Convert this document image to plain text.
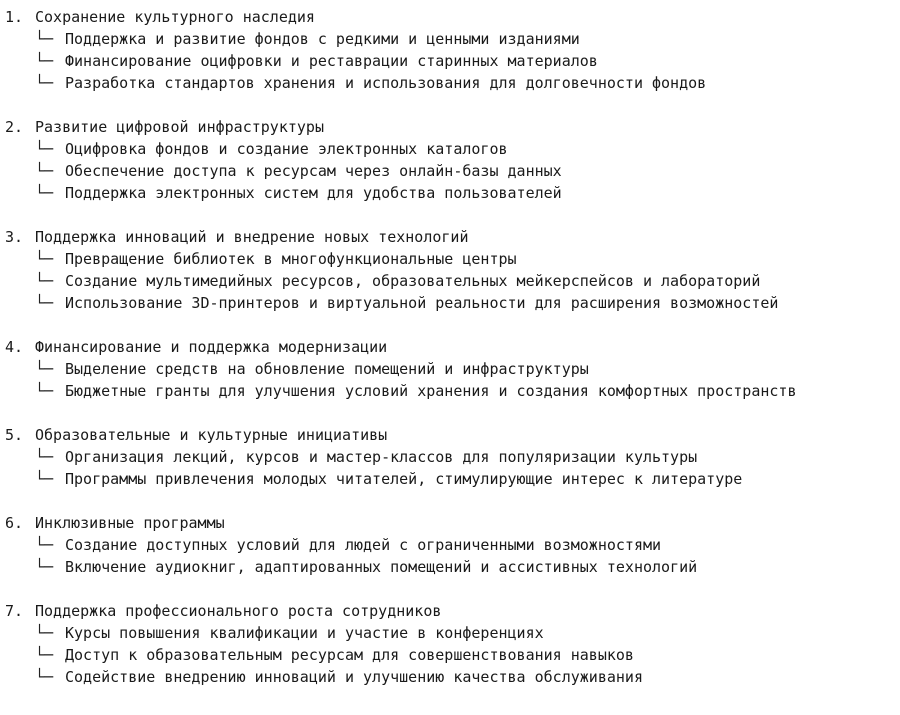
1. Сохранение культурного наследия
└─ Поддержка и развитие фондов с редкими и ценными изданиями
└─ Финансирование оцифровки и реставрации старинных материалов
└─ Разработка стандартов хранения и использования для долговечности фондов
2. Развитие цифровой инфраструктуры
└─ Оцифровка фондов и создание электронных каталогов
└─ Обеспечение доступа к ресурсам через онлайн-базы данных
└─ Поддержка электронных систем для удобства пользователей
3. Поддержка инноваций и внедрение новых технологий
└─ Превращение библиотек в многофункциональные центры
└─ Создание мультимедийных ресурсов, образовательных мейкерспейсов и лабораторий
└─ Использование 3D-принтеров и виртуальной реальности для расширения возможностей
4. Финансирование и поддержка модернизации
└─ Выделение средств на обновление помещений и инфраструктуры
└─ Бюджетные гранты для улучшения условий хранения и создания комфортных пространств
5. Образовательные и культурные инициативы
└─ Организация лекций, курсов и мастер-классов для популяризации культуры
└─ Программы привлечения молодых читателей, стимулирующие интерес к литературе
6. Инклюзивные программы
└─ Создание доступных условий для людей с ограниченными возможностями
└─ Включение аудиокниг, адаптированных помещений и ассистивных технологий
7. Поддержка профессионального роста сотрудников
└─ Курсы повышения квалификации и участие в конференциях
└─ Доступ к образовательным ресурсам для совершенствования навыков
└─ Содействие внедрению инноваций и улучшению качества обслуживания
